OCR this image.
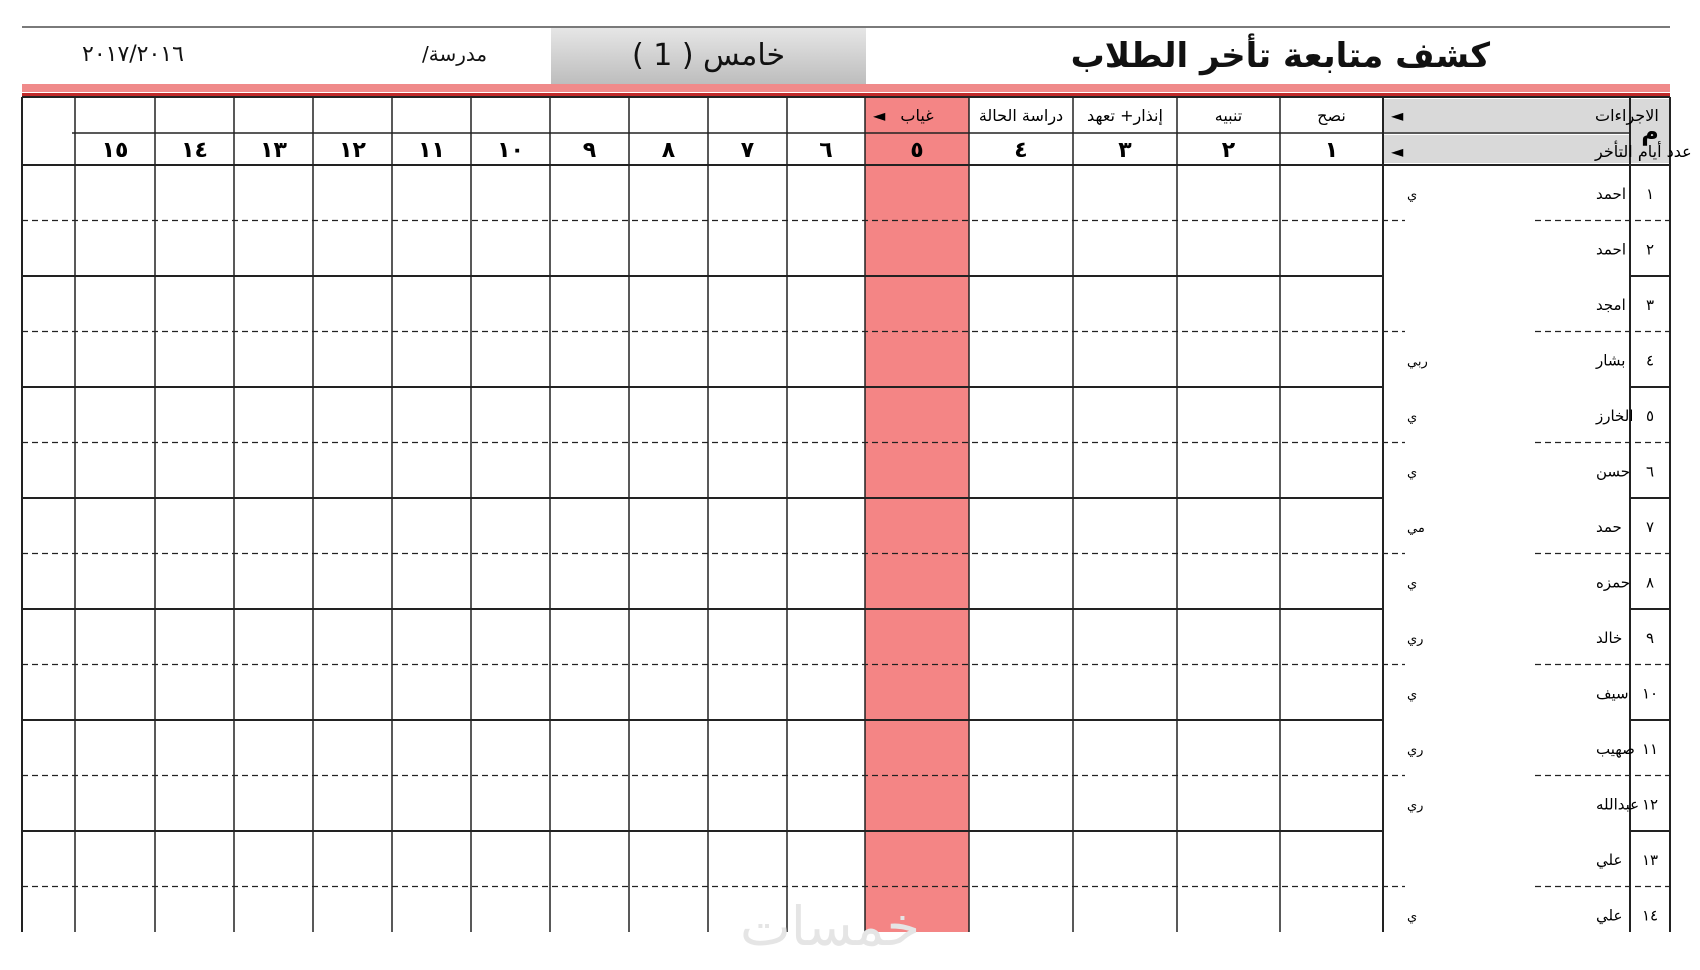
كشف متابعة تأخر الطلاب
خامس ( 1 )
مدرسة/
٢٠١٧/٢٠١٦
م
الاجراءات
◄
عدد أيام التأخر
◄
نصح
تنبيه
إنذار+ تعهد
دراسة الحالة
غياب
◄
١
٢
٣
٤
٥
٦
٧
٨
٩
١٠
١١
١٢
١٣
١٤
١٥
١
احمد
ي
٢
احمد
٣
امجد
٤
بشار
ربي
٥
الخارز
ي
٦
حسن
ي
٧
حمد
مي
٨
حمزه
ي
٩
خالد
ري
١٠
سيف
ي
١١
صهيب
ري
١٢
عبدالله
ري
١٣
علي
١٤
علي
ي
خمسات
